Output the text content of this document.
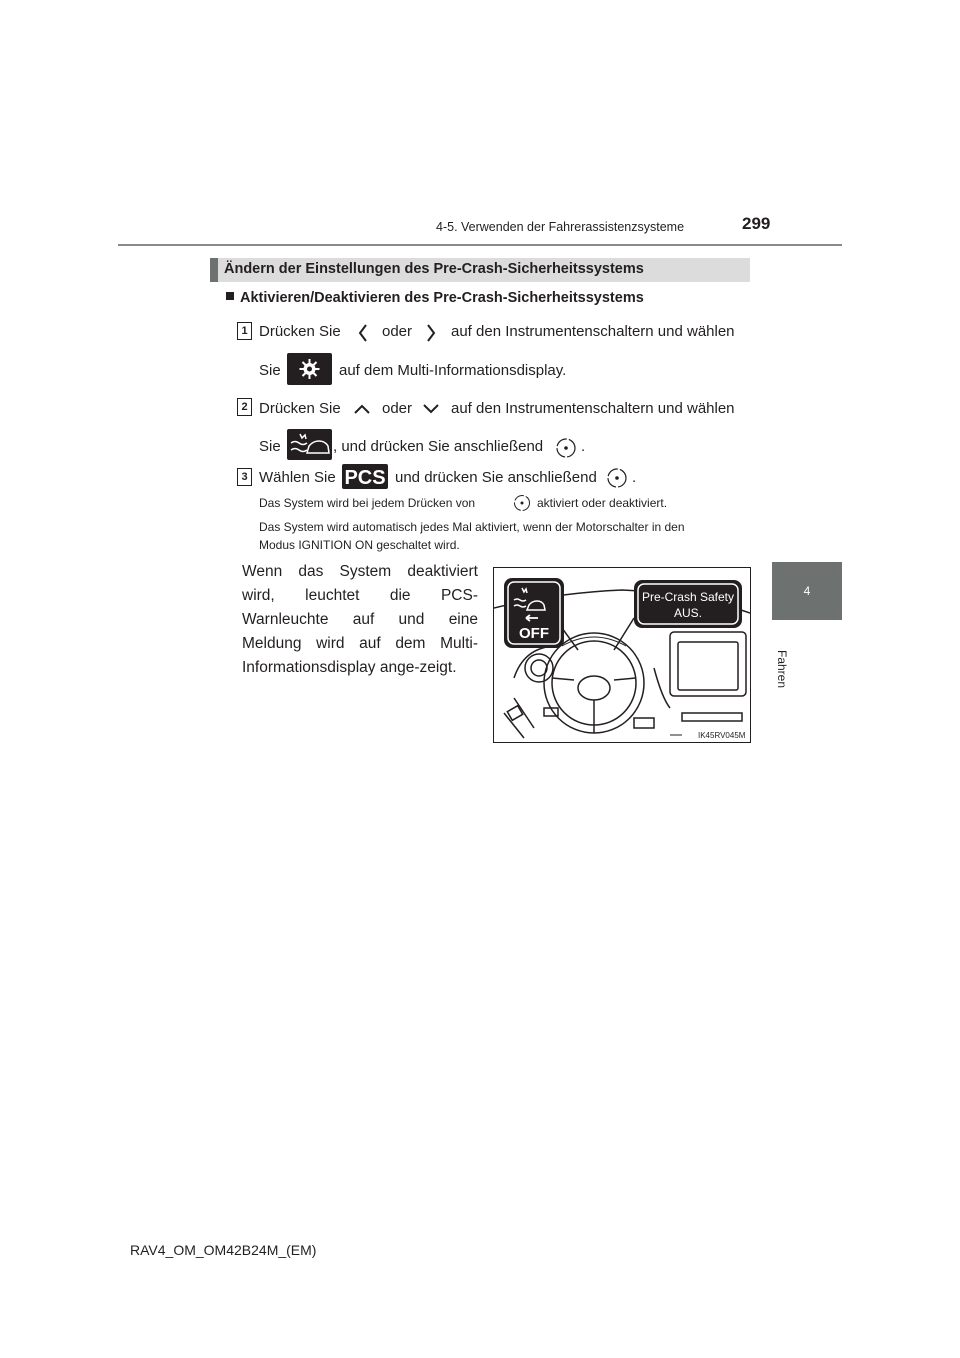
4-5. Verwenden der Fahrerassistenzsysteme	299
4
Fahren
Ändern der Einstellungen des Pre-Crash-Sicherheitssystems
Aktivieren/Deaktivieren des Pre-Crash-Sicherheitssystems
1 Drücken Sie	oder	auf den Instrumentenschaltern und wählen
Sie	auf dem Multi-Informationsdisplay.
2 Drücken Sie	oder	auf den Instrumentenschaltern und wählen
Sie	, und drücken Sie anschließend	.
3 Wählen Sie PCS und drücken Sie anschließend .
Das System wird bei jedem Drücken von	aktiviert oder deaktiviert.
Das System wird automatisch jedes Mal aktiviert, wenn der Motorschalter in den
Modus IGNITION ON geschaltet wird.
Wenn das System deaktiviert wird, leuchtet die PCS-Warnleuchte auf und eine Meldung wird auf dem Multi-Informationsdisplay ange-zeigt.
OFF
Pre-Crash Safety
AUS.
IK45RV045M
RAV4_OM_OM42B24M_(EM)
